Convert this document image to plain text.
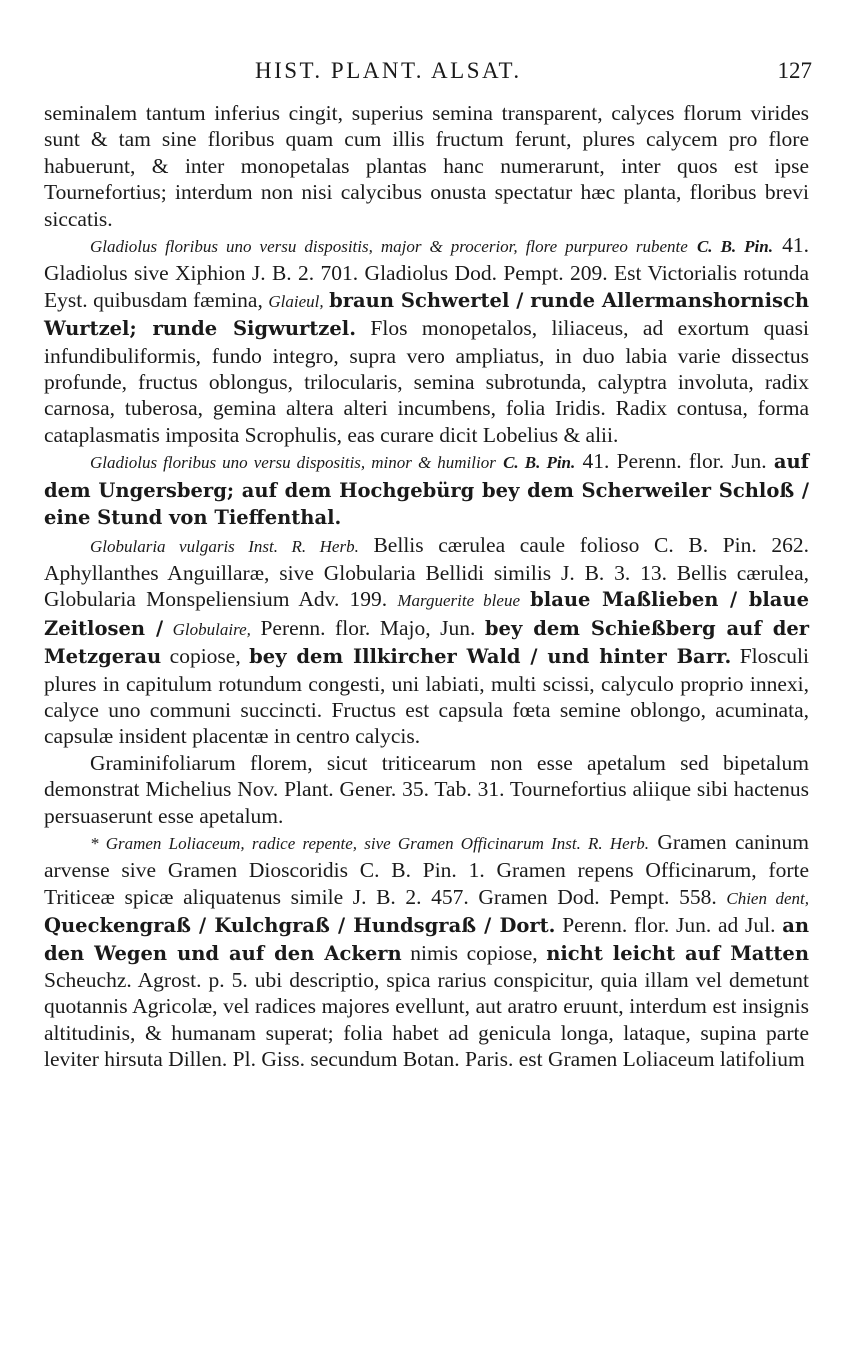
HIST. PLANT. ALSAT.	127

seminalem tantum inferius cingit, superius semina transparent, calyces florum virides sunt & tam sine floribus quam cum illis fructum ferunt, plures calycem pro flore habuerunt, & inter monopetalas plantas hanc numerarunt, inter quos est ipse Tournefortius; interdum non nisi calycibus onusta spectatur hæc planta, floribus brevi siccatis.

Gladiolus floribus uno versu dispositis, major & procerior, flore purpureo rubente C. B. Pin. 41. Gladiolus sive Xiphion J. B. 2. 701. Gladiolus Dod. Pempt. 209. Est Victorialis rotunda Eyst. quibusdam fæmina, Glaieul, braun Schwertel / runde Allermanshornisch Wurtzel; runde Sigwurtzel. Flos monopetalos, liliaceus, ad exortum quasi infundibuliformis, fundo integro, supra vero ampliatus, in duo labia varie dissectus profunde, fructus oblongus, trilocularis, semina subrotunda, calyptra involuta, radix carnosa, tuberosa, gemina altera alteri incumbens, folia Iridis. Radix contusa, forma cataplasmatis imposita Scrophulis, eas curare dicit Lobelius & alii.

Gladiolus floribus uno versu dispositis, minor & humilior C. B. Pin. 41. Perenn. flor. Jun. auf dem Ungersberg; auf dem Hochgebürg bey dem Scherweiler Schloß / eine Stund von Tieffenthal.

Globularia vulgaris Inst. R. Herb. Bellis cærulea caule folioso C. B. Pin. 262. Aphyllanthes Anguillaræ, sive Globularia Bellidi similis J. B. 3. 13. Bellis cærulea, Globularia Monspeliensium Adv. 199. Marguerite bleue blaue Maßlieben / blaue Zeitlosen / Globulaire, Perenn. flor. Majo, Jun. bey dem Schießberg auf der Metzgerau copiose, bey dem Illkircher Wald / und hinter Barr. Flosculi plures in capitulum rotundum congesti, uni labiati, multi scissi, calyculo proprio innexi, calyce uno communi succincti. Fructus est capsula fœta semine oblongo, acuminata, capsulæ insident placentæ in centro calycis.

Graminifoliarum florem, sicut triticearum non esse apetalum sed bipetalum demonstrat Michelius Nov. Plant. Gener. 35. Tab. 31. Tournefortius aliique sibi hactenus persuaserunt esse apetalum.

* Gramen Loliaceum, radice repente, sive Gramen Officinarum Inst. R. Herb. Gramen caninum arvense sive Gramen Dioscoridis C. B. Pin. 1. Gramen repens Officinarum, forte Triticeæ spicæ aliquatenus simile J. B. 2. 457. Gramen Dod. Pempt. 558. Chien dent, Queckengraß / Kulchgraß / Hundsgraß / Dort. Perenn. flor. Jun. ad Jul. an den Wegen und auf den Ackern nimis copiose, nicht leicht auf Matten Scheuchz. Agrost. p. 5. ubi descriptio, spica rarius conspicitur, quia illam vel demetunt quotannis Agricolæ, vel radices majores evellunt, aut aratro eruunt, interdum est insignis altitudinis, & humanam superat; folia habet ad genicula longa, lataque, supina parte leviter hirsuta Dillen. Pl. Giss. secundum Botan. Paris. est Gramen Loliaceum latifolium
